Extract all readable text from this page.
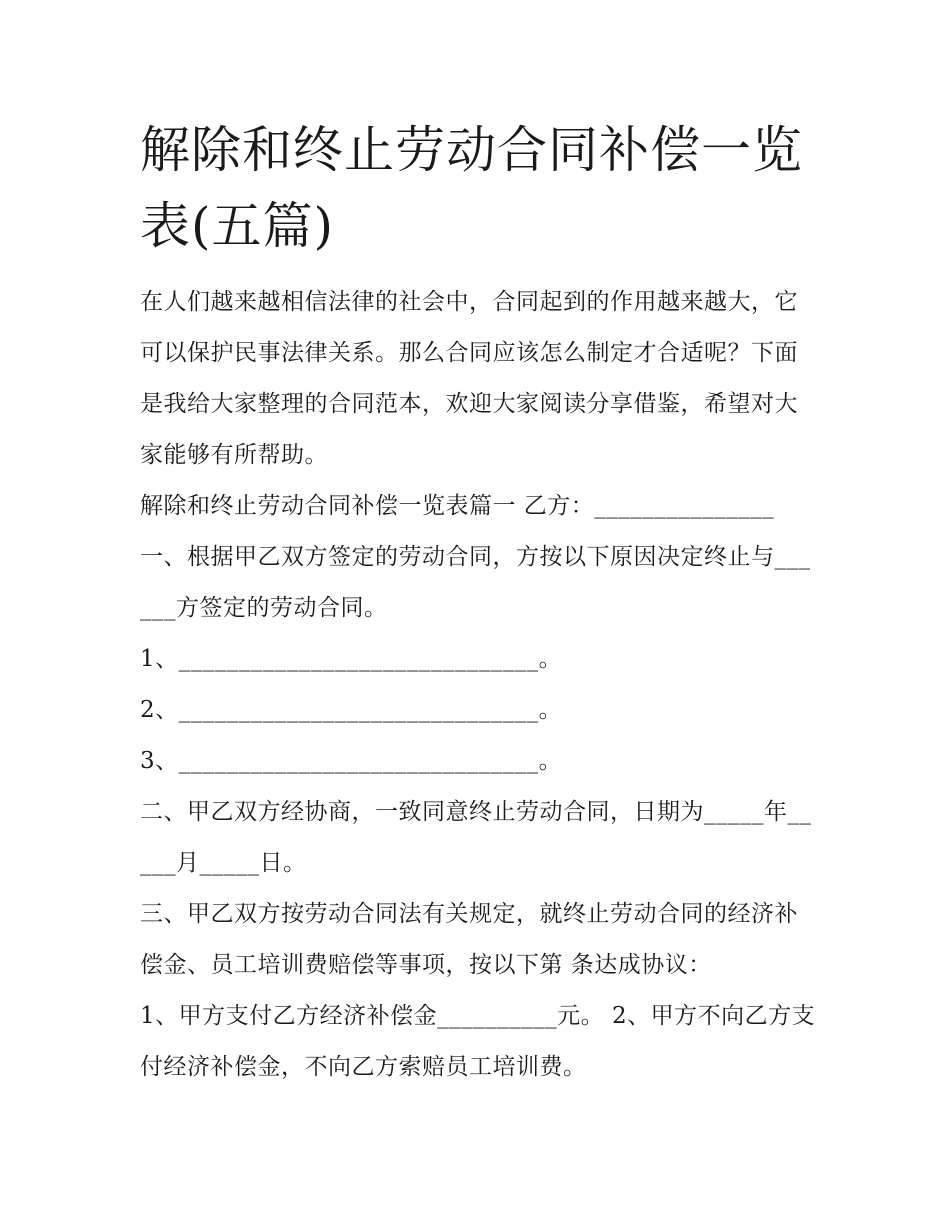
解除和终止劳动合同补偿一览表(五篇)

在人们越来越相信法律的社会中，合同起到的作用越来越大，它可以保护民事法律关系。那么合同应该怎么制定才合适呢？下面是我给大家整理的合同范本，欢迎大家阅读分享借鉴，希望对大家能够有所帮助。

解除和终止劳动合同补偿一览表篇一 乙方：_______________

一、根据甲乙双方签定的劳动合同，方按以下原因决定终止与______方签定的劳动合同。

1、______________________________。

2、______________________________。

3、______________________________。

二、甲乙双方经协商，一致同意终止劳动合同，日期为_____年_____月_____日。

三、甲乙双方按劳动合同法有关规定，就终止劳动合同的经济补偿金、员工培训费赔偿等事项，按以下第 条达成协议：

1、甲方支付乙方经济补偿金__________元。 2、甲方不向乙方支付经济补偿金，不向乙方索赔员工培训费。
